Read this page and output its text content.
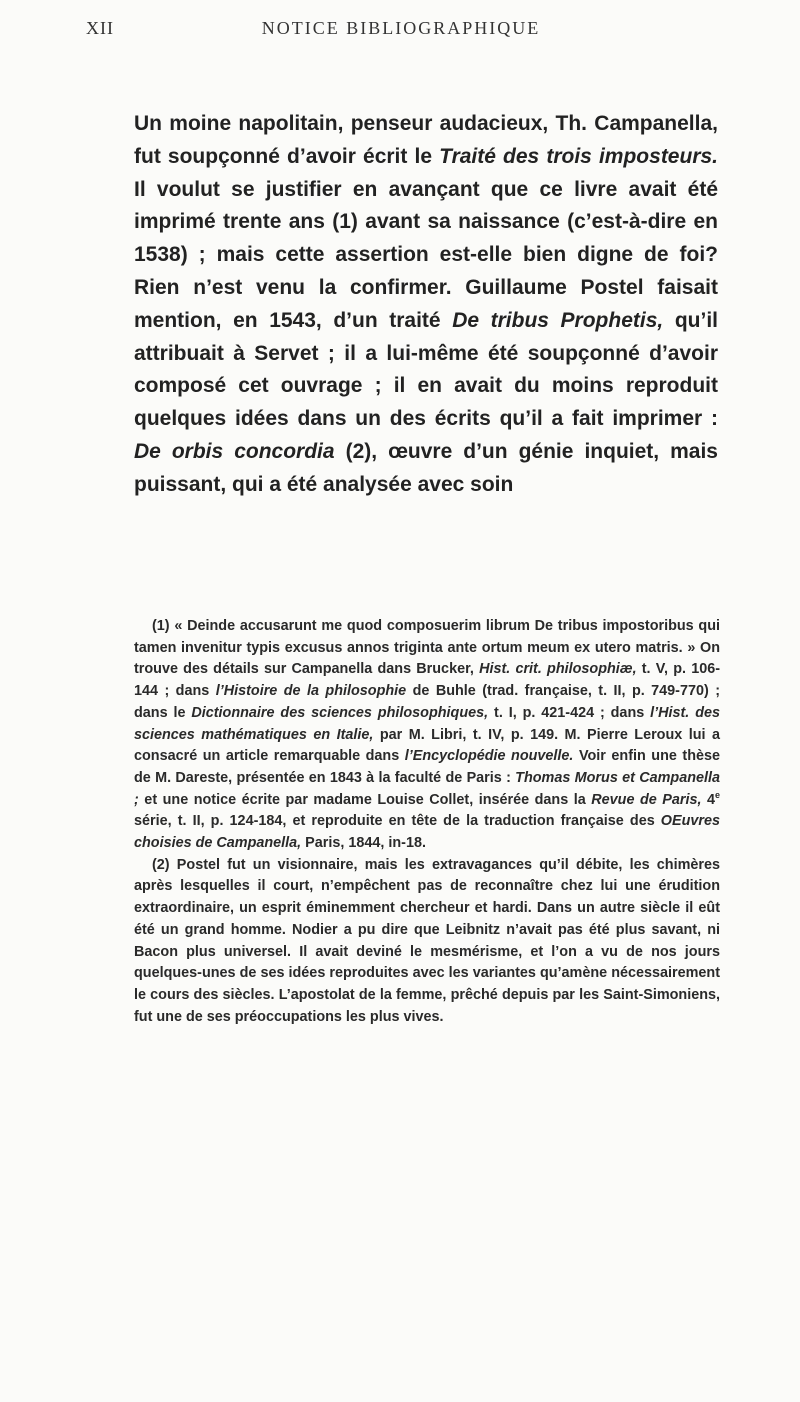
XII	NOTICE BIBLIOGRAPHIQUE

Un moine napolitain, penseur audacieux, Th. Campanella, fut soupçonné d’avoir écrit le Traité des trois imposteurs. Il voulut se justifier en avançant que ce livre avait été imprimé trente ans (1) avant sa naissance (c’est-à-dire en 1538) ; mais cette assertion est-elle bien digne de foi? Rien n’est venu la confirmer. Guillaume Postel faisait mention, en 1543, d’un traité De tribus Prophetis, qu’il attribuait à Servet ; il a lui-même été soupçonné d’avoir composé cet ouvrage ; il en avait du moins reproduit quelques idées dans un des écrits qu’il a fait imprimer : De orbis concordia (2), œuvre d’un génie inquiet, mais puissant, qui a été analysée avec soin

(1) « Deinde accusarunt me quod composuerim librum De tribus impostoribus qui tamen invenitur typis excusus annos triginta ante ortum meum ex utero matris. » On trouve des détails sur Campanella dans Brucker, Hist. crit. philosophiæ, t. V, p. 106-144 ; dans l’Histoire de la philosophie de Buhle (trad. française, t. II, p. 749-770) ; dans le Dictionnaire des sciences philosophiques, t. I, p. 421-424 ; dans l’Hist. des sciences mathématiques en Italie, par M. Libri, t. IV, p. 149. M. Pierre Leroux lui a consacré un article remarquable dans l’Encyclopédie nouvelle. Voir enfin une thèse de M. Dareste, présentée en 1843 à la faculté de Paris : Thomas Morus et Campanella ; et une notice écrite par madame Louise Collet, insérée dans la Revue de Paris, 4e série, t. II, p. 124-184, et reproduite en tête de la traduction française des OEuvres choisies de Campanella, Paris, 1844, in-18.

(2) Postel fut un visionnaire, mais les extravagances qu’il débite, les chimères après lesquelles il court, n’empêchent pas de reconnaître chez lui une érudition extraordinaire, un esprit éminemment chercheur et hardi. Dans un autre siècle il eût été un grand homme. Nodier a pu dire que Leibnitz n’avait pas été plus savant, ni Bacon plus universel. Il avait deviné le mesmérisme, et l’on a vu de nos jours quelques-unes de ses idées reproduites avec les variantes qu’amène nécessairement le cours des siècles. L’apostolat de la femme, prêché depuis par les Saint-Simoniens, fut une de ses préoccupations les plus vives.
